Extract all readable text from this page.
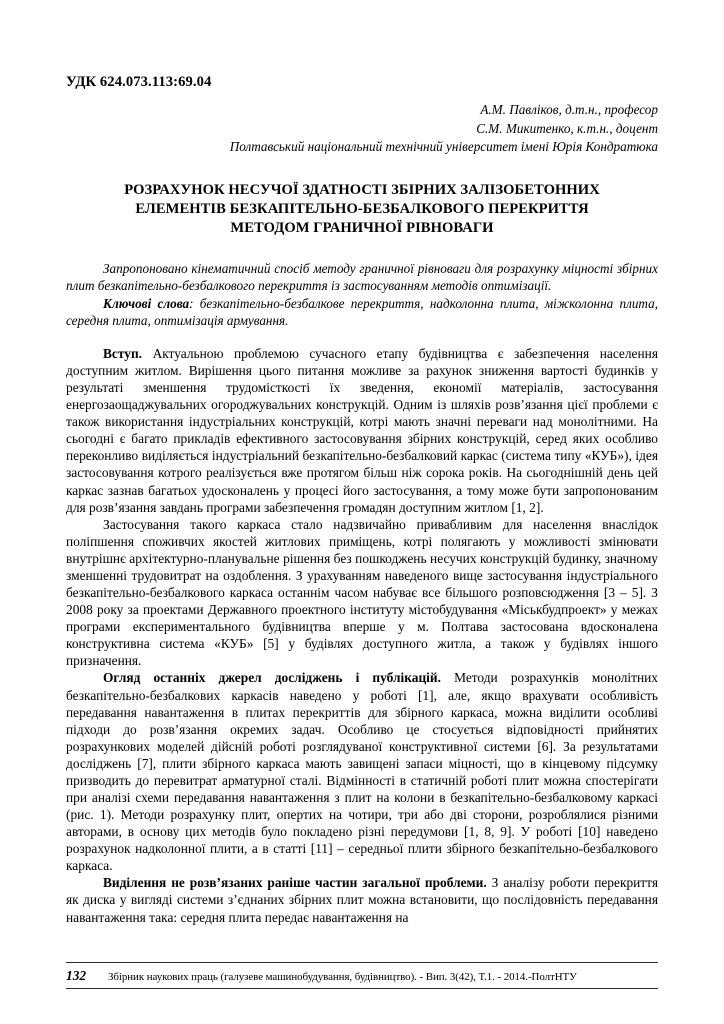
УДК 624.073.113:69.04
А.М. Павліков, д.т.н., професор
С.М. Микитенко, к.т.н., доцент
Полтавський національний технічний університет імені Юрія Кондратюка
РОЗРАХУНОК НЕСУЧОЇ ЗДАТНОСТІ ЗБІРНИХ ЗАЛІЗОБЕТОННИХ
ЕЛЕМЕНТІВ БЕЗКАПІТЕЛЬНО-БЕЗБАЛКОВОГО ПЕРЕКРИТТЯ
МЕТОДОМ ГРАНИЧНОЇ РІВНОВАГИ

Запропоновано кінематичний спосіб методу граничної рівноваги для розрахунку міцності збірних плит безкапітельно-безбалкового перекриття із застосуванням методів оптимізації.

Ключові слова: безкапітельно-безбалкове перекриття, надколонна плита, міжколонна плита, середня плита, оптимізація армування.

Вступ. Актуальною проблемою сучасного етапу будівництва є забезпечення населення доступним житлом. Вирішення цього питання можливе за рахунок зниження вартості будинків у результаті зменшення трудомісткості їх зведення, економії матеріалів, застосування енергозаощаджувальних огороджувальних конструкцій. Одним із шляхів розв’язання цієї проблеми є також використання індустріальних конструкцій, котрі мають значні переваги над монолітними. На сьогодні є багато прикладів ефективного застосовування збірних конструкцій, серед яких особливо переконливо виділяється індустріальний безкапітельно-безбалковий каркас (система типу «КУБ»), ідея застосовування котрого реалізується вже протягом більш ніж сорока років. На сьогоднішній день цей каркас зазнав багатьох удосконалень у процесі його застосування, а тому може бути запропонованим для розв’язання завдань програми забезпечення громадян доступним житлом [1, 2].

Застосування такого каркаса стало надзвичайно привабливим для населення внаслідок поліпшення споживчих якостей житлових приміщень, котрі полягають у можливості змінювати внутрішнє архітектурно-планувальне рішення без пошкоджень несучих конструкцій будинку, значному зменшенні трудовитрат на оздоблення. З урахуванням наведеного вище застосування індустріального безкапітельно-безбалкового каркаса останнім часом набуває все більшого розповсюдження [3 – 5]. З 2008 року за проектами Державного проектного інституту містобудування «Міськбудпроект» у межах програми експериментального будівництва вперше у м. Полтава застосована вдосконалена конструктивна система «КУБ» [5] у будівлях доступного житла, а також у будівлях іншого призначення.

Огляд останніх джерел досліджень і публікацій. Методи розрахунків монолітних безкапітельно-безбалкових каркасів наведено у роботі [1], але, якщо врахувати особливість передавання навантаження в плитах перекриттів для збірного каркаса, можна виділити особливі підходи до розв’язання окремих задач. Особливо це стосується відповідності прийнятих розрахункових моделей дійсній роботі розглядуваної конструктивної системи [6]. За результатами досліджень [7], плити збірного каркаса мають завищені запаси міцності, що в кінцевому підсумку призводить до перевитрат арматурної сталі. Відмінності в статичній роботі плит можна спостерігати при аналізі схеми передавання навантаження з плит на колони в безкапітельно-безбалковому каркасі (рис. 1). Методи розрахунку плит, опертих на чотири, три або дві сторони, розроблялися різними авторами, в основу цих методів було покладено різні передумови [1, 8, 9]. У роботі [10] наведено розрахунок надколонної плити, а в статті [11] – середньої плити збірного безкапітельно-безбалкового каркаса.

Виділення не розв’язаних раніше частин загальної проблеми. З аналізу роботи перекриття як диска у вигляді системи з’єднаних збірних плит можна встановити, що послідовність передавання навантаження така: середня плита передає навантаження на

132	Збірник наукових праць (галузеве машинобудування, будівництво). - Вип. 3(42), Т.1. - 2014.-ПолтНТУ
